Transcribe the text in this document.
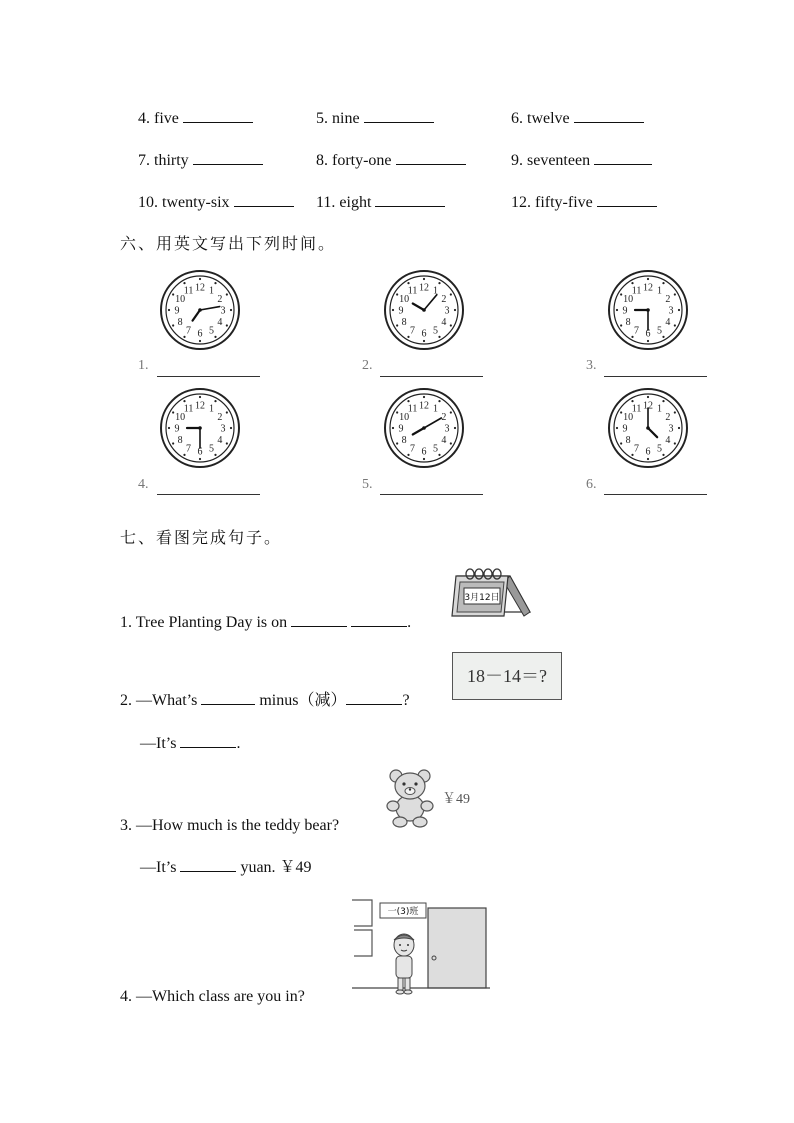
4. five	5. nine	6. twelve
7. thirty	8. forty-one	9. seventeen
10. twenty-six	11. eight	12. fifty-five
六、用英文写出下列时间。
12 1
2
3
4
5
6
7
8
9
10
11	12 1
2
3
4
5
6
7
8
9
10
11	12 1
2
3
4
5
6
7
8
9
10
11
12 1
2
3
4
5
6
7
8
9
10
11	12 1
2
3
4
5
6
7
8
9
10
11	12 1
2
3
4
5
6
7
8
9
10
11
1.	2.	3.
4.	5.	6.
七、看图完成句子。
3月12日
1. Tree Planting Day is on	.
18－14＝?
2. —What’s	minus（减）	?
—It’s	.
￥49
3. —How much is the teddy bear?
—It’s	yuan. ￥49
一(3)班
4. —Which class are you in?
